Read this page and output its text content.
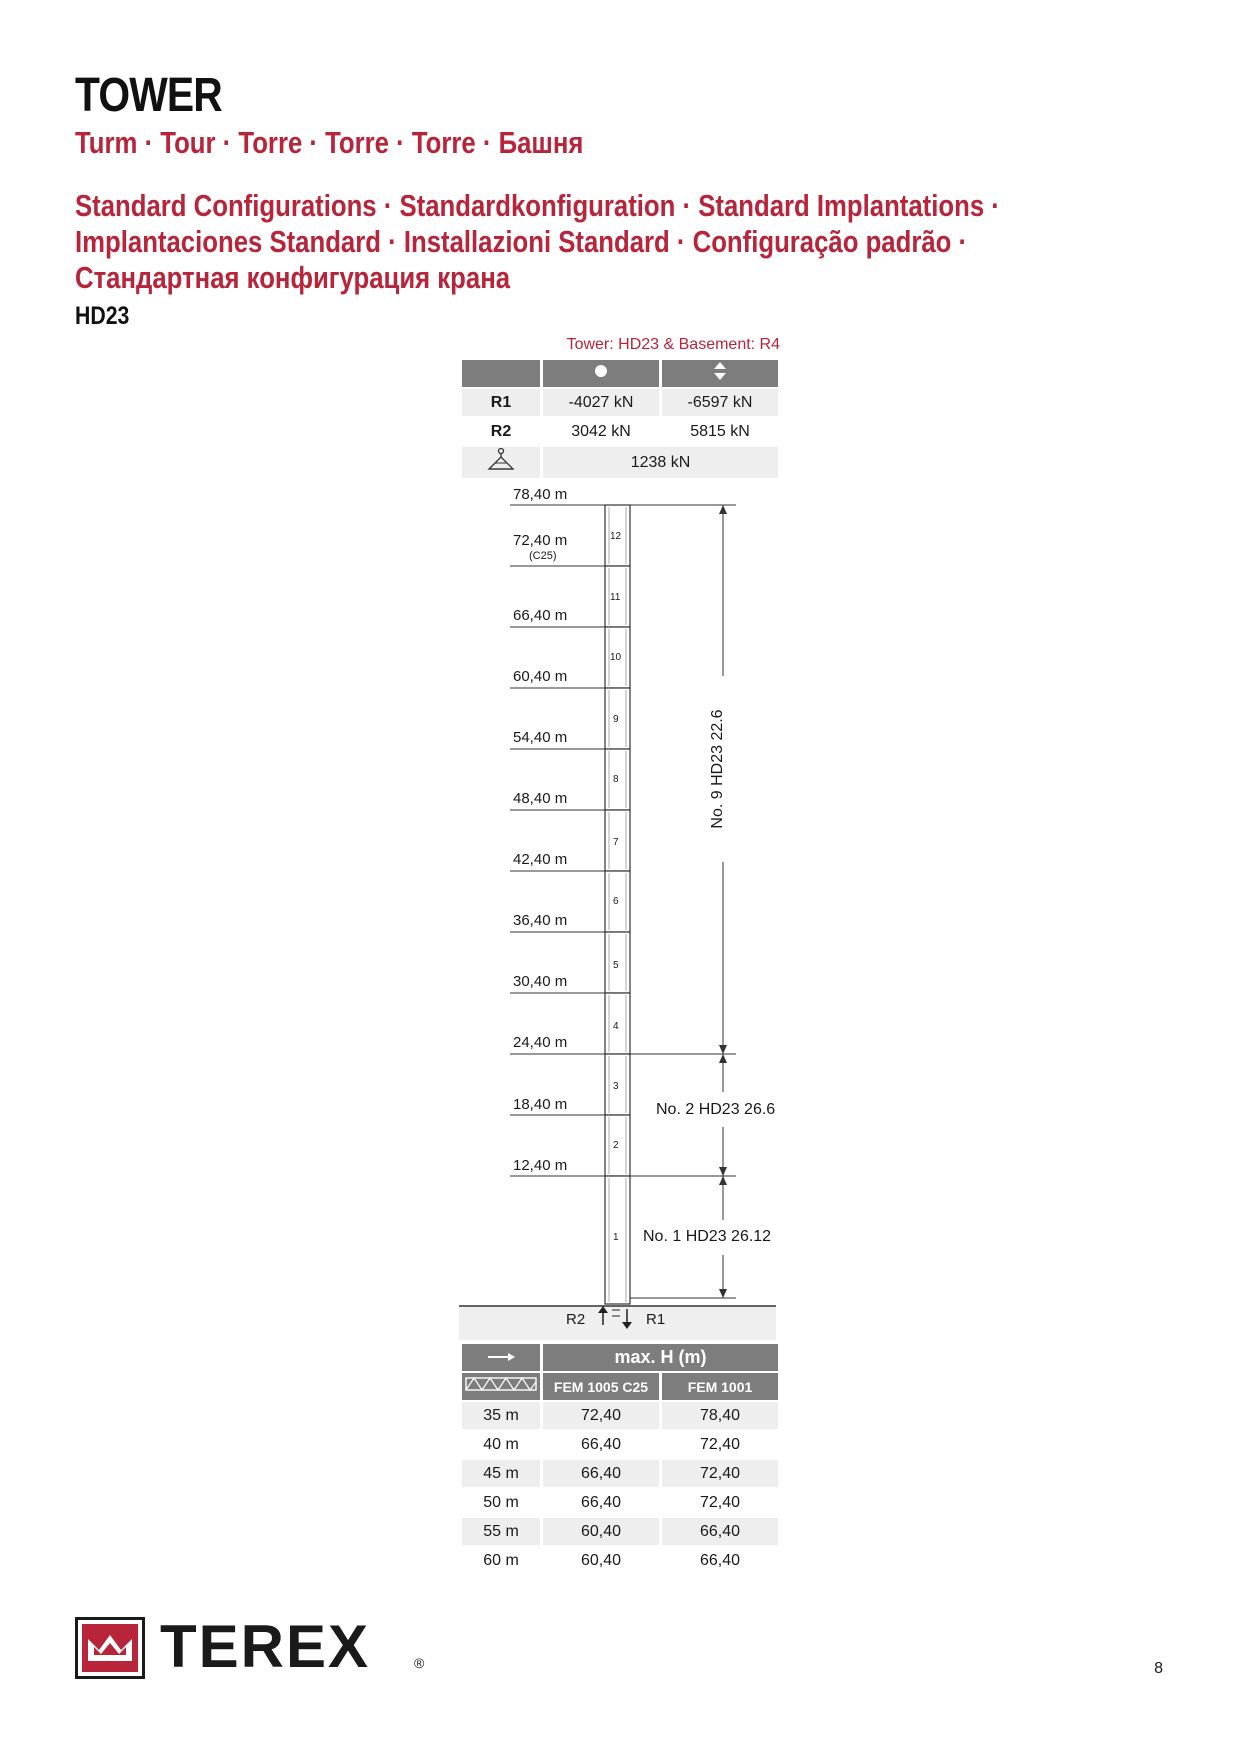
TOWER
Turm · Tour · Torre · Torre · Torre · Башня
Standard Configurations · Standardkonfiguration · Standard Implantations ·
Implantaciones Standard · Installazioni Standard · Configuração padrão ·
Стандартная конфигурация крана
HD23
Tower: HD23 & Basement: R4

R1	-4027 kN	-6597 kN
R2	3042 kN	5815 kN
	1238 kN	
78,40 m
72,40 m
(C25)
66,40 m
60,40 m
54,40 m
48,40 m
42,40 m
36,40 m
30,40 m
24,40 m
18,40 m
12,40 m
12
11
10
9
8
7
6
5
4
3
2
1
No. 9 HD23 22.6
No. 2 HD23 26.6
No. 1 HD23 26.12
R2	R1
	max. H (m)	
	FEM 1005 C25	FEM 1001
35 m	72,40	78,40
40 m	66,40	72,40
45 m	66,40	72,40
50 m	66,40	72,40
55 m	60,40	66,40
60 m	60,40	66,40
TEREX	®	8
